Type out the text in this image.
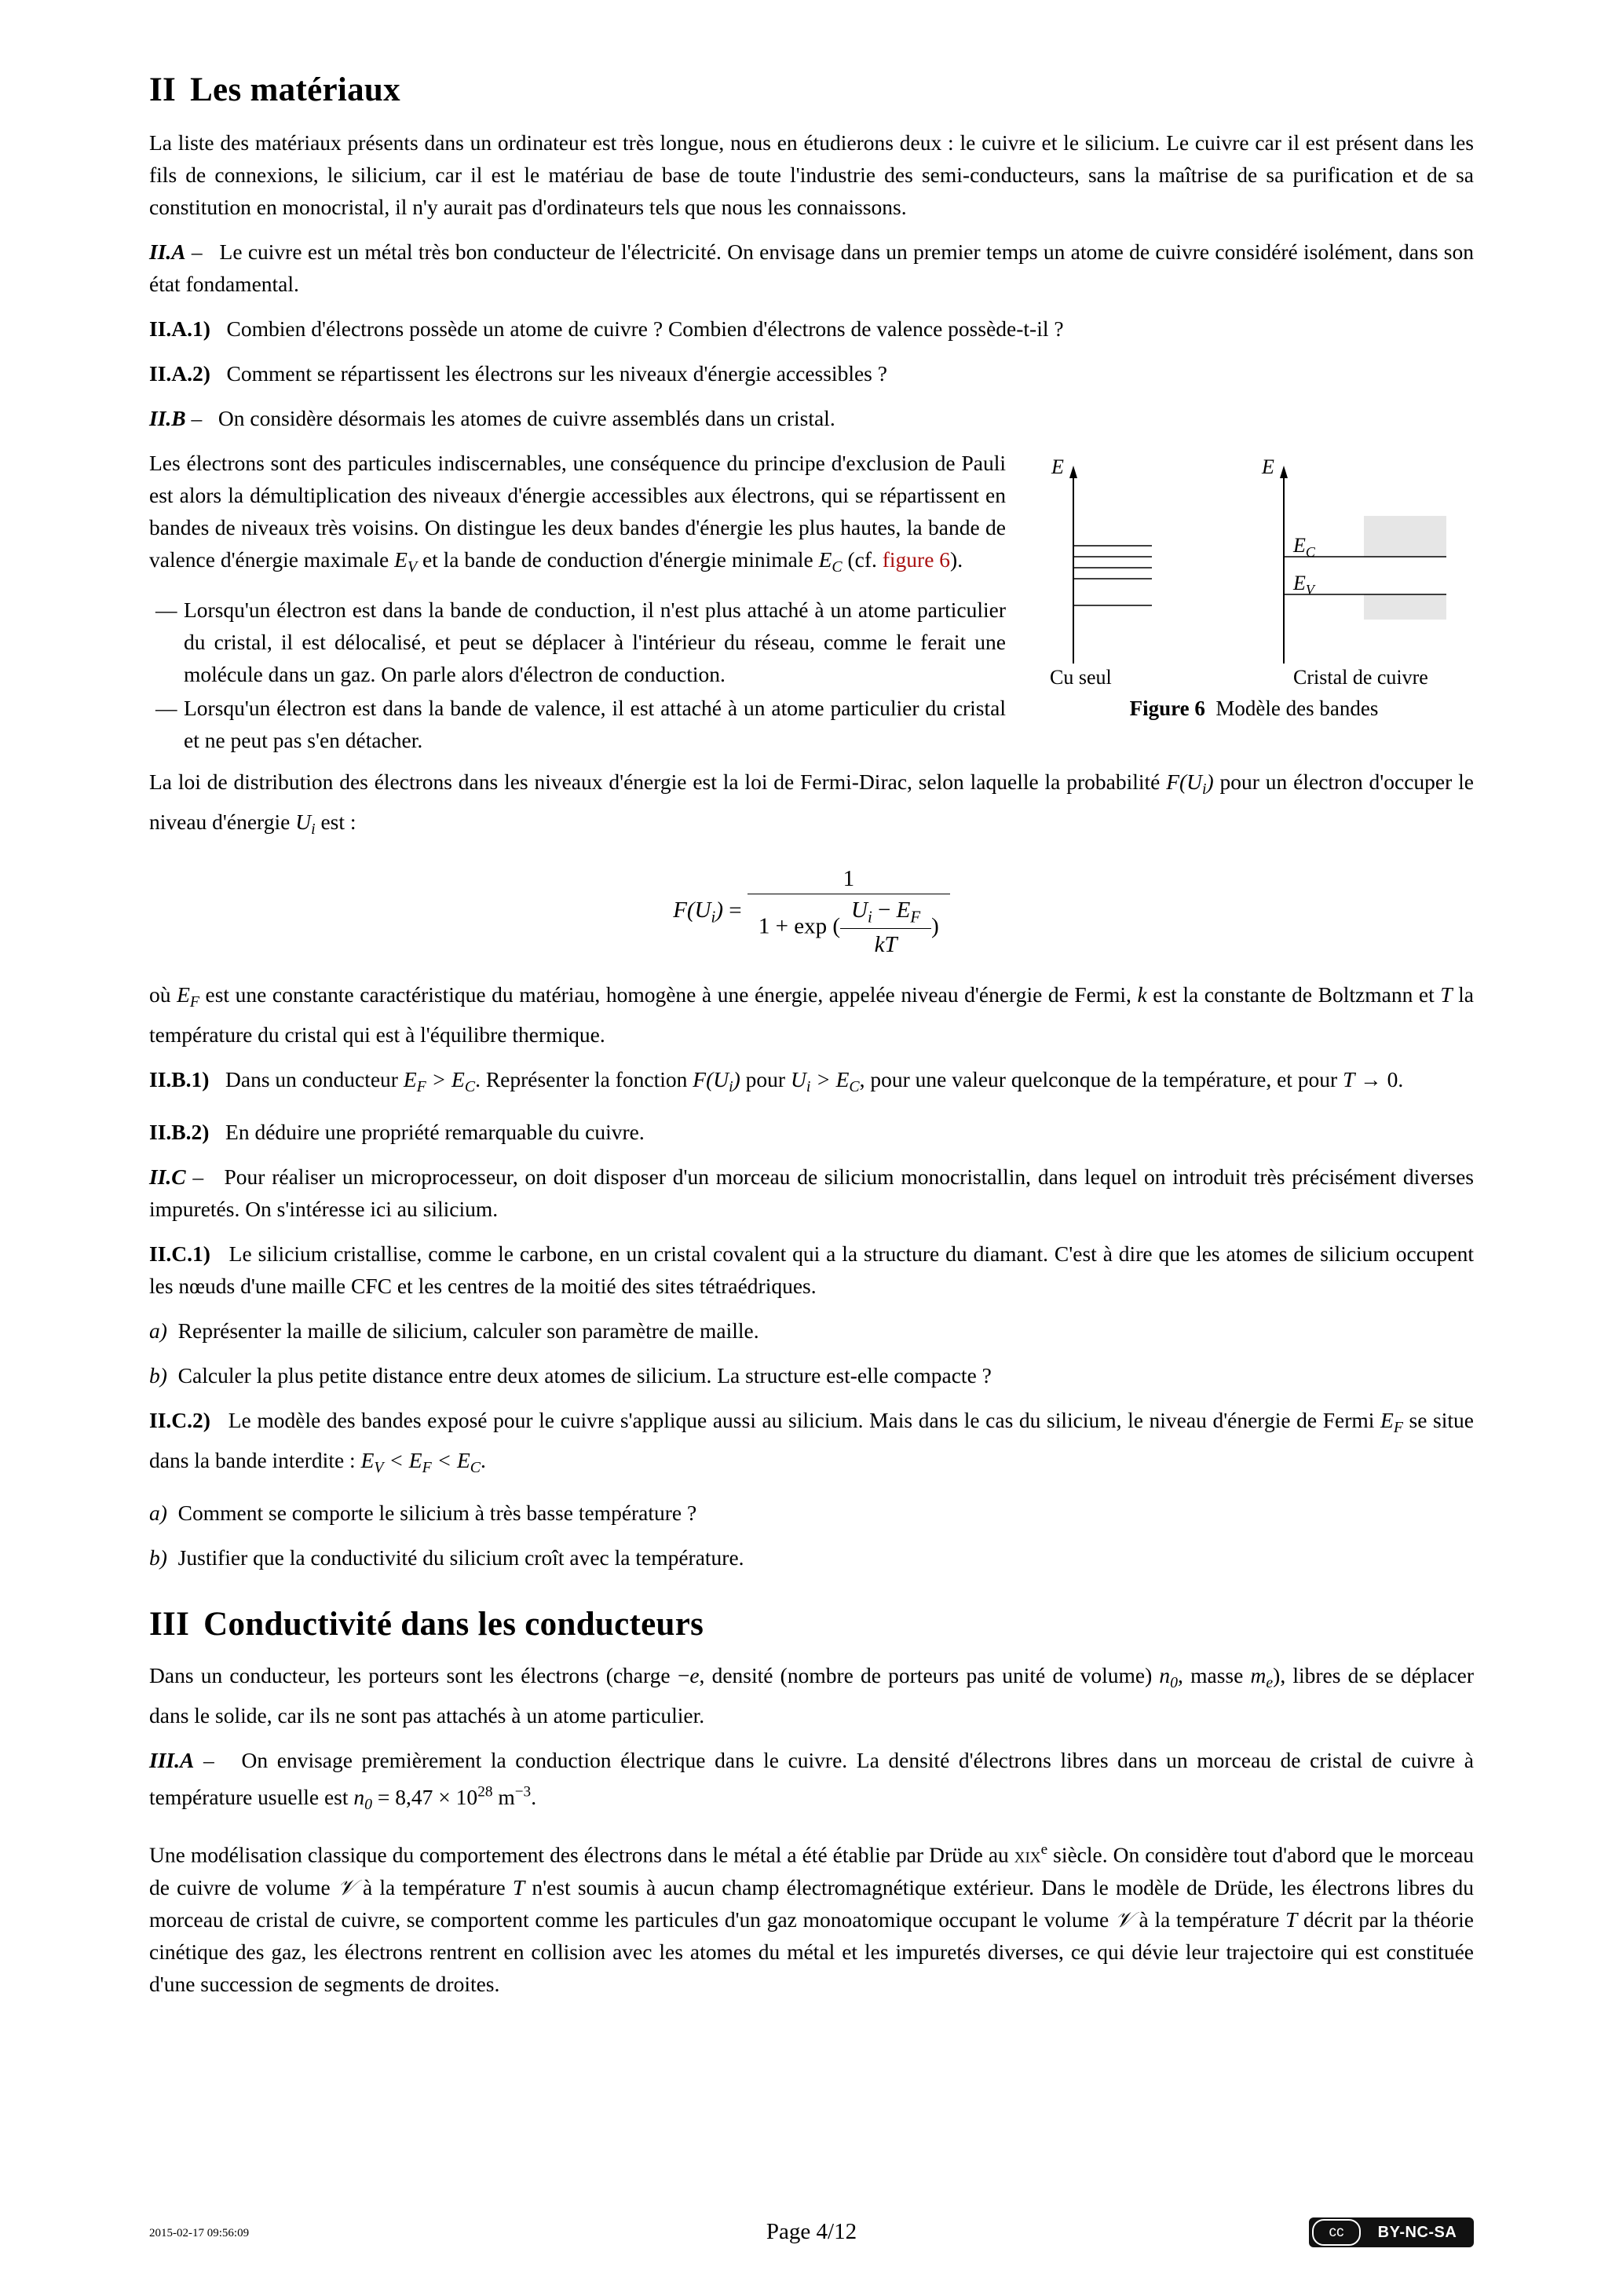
II Les matériaux

La liste des matériaux présents dans un ordinateur est très longue, nous en étudierons deux : le cuivre et le silicium. Le cuivre car il est présent dans les fils de connexions, le silicium, car il est le matériau de base de toute l'industrie des semi-conducteurs, sans la maîtrise de sa purification et de sa constitution en monocristal, il n'y aurait pas d'ordinateurs tels que nous les connaissons.

II.A – Le cuivre est un métal très bon conducteur de l'électricité. On envisage dans un premier temps un atome de cuivre considéré isolément, dans son état fondamental.

II.A.1) Combien d'électrons possède un atome de cuivre ? Combien d'électrons de valence possède-t-il ?

II.A.2) Comment se répartissent les électrons sur les niveaux d'énergie accessibles ?

II.B – On considère désormais les atomes de cuivre assemblés dans un cristal.

E
Cu seul
E
$E_C$
$E_V$
Cristal de cuivre
Figure 6 Modèle des bandes

Les électrons sont des particules indiscernables, une conséquence du principe d'exclusion de Pauli est alors la démultiplication des niveaux d'énergie accessibles aux électrons, qui se répartissent en bandes de niveaux très voisins. On distingue les deux bandes d'énergie les plus hautes, la bande de valence d'énergie maximale $E_V$ et la bande de conduction d'énergie minimale $E_C$ (cf. figure 6).

— Lorsqu'un électron est dans la bande de conduction, il n'est plus attaché à un atome particulier du cristal, il est délocalisé, et peut se déplacer à l'intérieur du réseau, comme le ferait une molécule dans un gaz. On parle alors d'électron de conduction.
— Lorsqu'un électron est dans la bande de valence, il est attaché à un atome particulier du cristal et ne peut pas s'en détacher.

La loi de distribution des électrons dans les niveaux d'énergie est la loi de Fermi-Dirac, selon laquelle la probabilité $F(U_i)$ pour un électron d'occuper le niveau d'énergie $U_i$ est :

$F(U_i) = \frac{1}{1 + \exp ( \frac{U_i - E_F}{kT} )}$

où $E_F$ est une constante caractéristique du matériau, homogène à une énergie, appelée niveau d'énergie de Fermi, k est la constante de Boltzmann et T la température du cristal qui est à l'équilibre thermique.

II.B.1) Dans un conducteur $E_F > E_C$. Représenter la fonction $F(U_i)$ pour $U_i > E_C$, pour une valeur quelconque de la température, et pour T → 0.

II.B.2) En déduire une propriété remarquable du cuivre.

II.C – Pour réaliser un microprocesseur, on doit disposer d'un morceau de silicium monocristallin, dans lequel on introduit très précisément diverses impuretés. On s'intéresse ici au silicium.

II.C.1) Le silicium cristallise, comme le carbone, en un cristal covalent qui a la structure du diamant. C'est à dire que les atomes de silicium occupent les nœuds d'une maille CFC et les centres de la moitié des sites tétraédriques.

a) Représenter la maille de silicium, calculer son paramètre de maille.

b) Calculer la plus petite distance entre deux atomes de silicium. La structure est-elle compacte ?

II.C.2) Le modèle des bandes exposé pour le cuivre s'applique aussi au silicium. Mais dans le cas du silicium, le niveau d'énergie de Fermi $E_F$ se situe dans la bande interdite : $E_V < E_F < E_C$.

a) Comment se comporte le silicium à très basse température ?

b) Justifier que la conductivité du silicium croît avec la température.

III Conductivité dans les conducteurs

Dans un conducteur, les porteurs sont les électrons (charge −e, densité (nombre de porteurs pas unité de volume) $n_0$, masse $m_e$), libres de se déplacer dans le solide, car ils ne sont pas attachés à un atome particulier.

III.A – On envisage premièrement la conduction électrique dans le cuivre. La densité d'électrons libres dans un morceau de cristal de cuivre à température usuelle est $n_0 = 8,47 \times 10^{28}$ $m^{-3}$.

Une modélisation classique du comportement des électrons dans le métal a été établie par Drüde au xix$^e$ siècle. On considère tout d'abord que le morceau de cuivre de volume 𝒱 à la température T n'est soumis à aucun champ électromagnétique extérieur. Dans le modèle de Drüde, les électrons libres du morceau de cristal de cuivre, se comportent comme les particules d'un gaz monoatomique occupant le volume 𝒱 à la température T décrit par la théorie cinétique des gaz, les électrons rentrent en collision avec les atomes du métal et les impuretés diverses, ce qui dévie leur trajectoire qui est constituée d'une succession de segments de droites.

2015-02-17 09:56:09	Page 4/12	cc	BY-NC-SA
